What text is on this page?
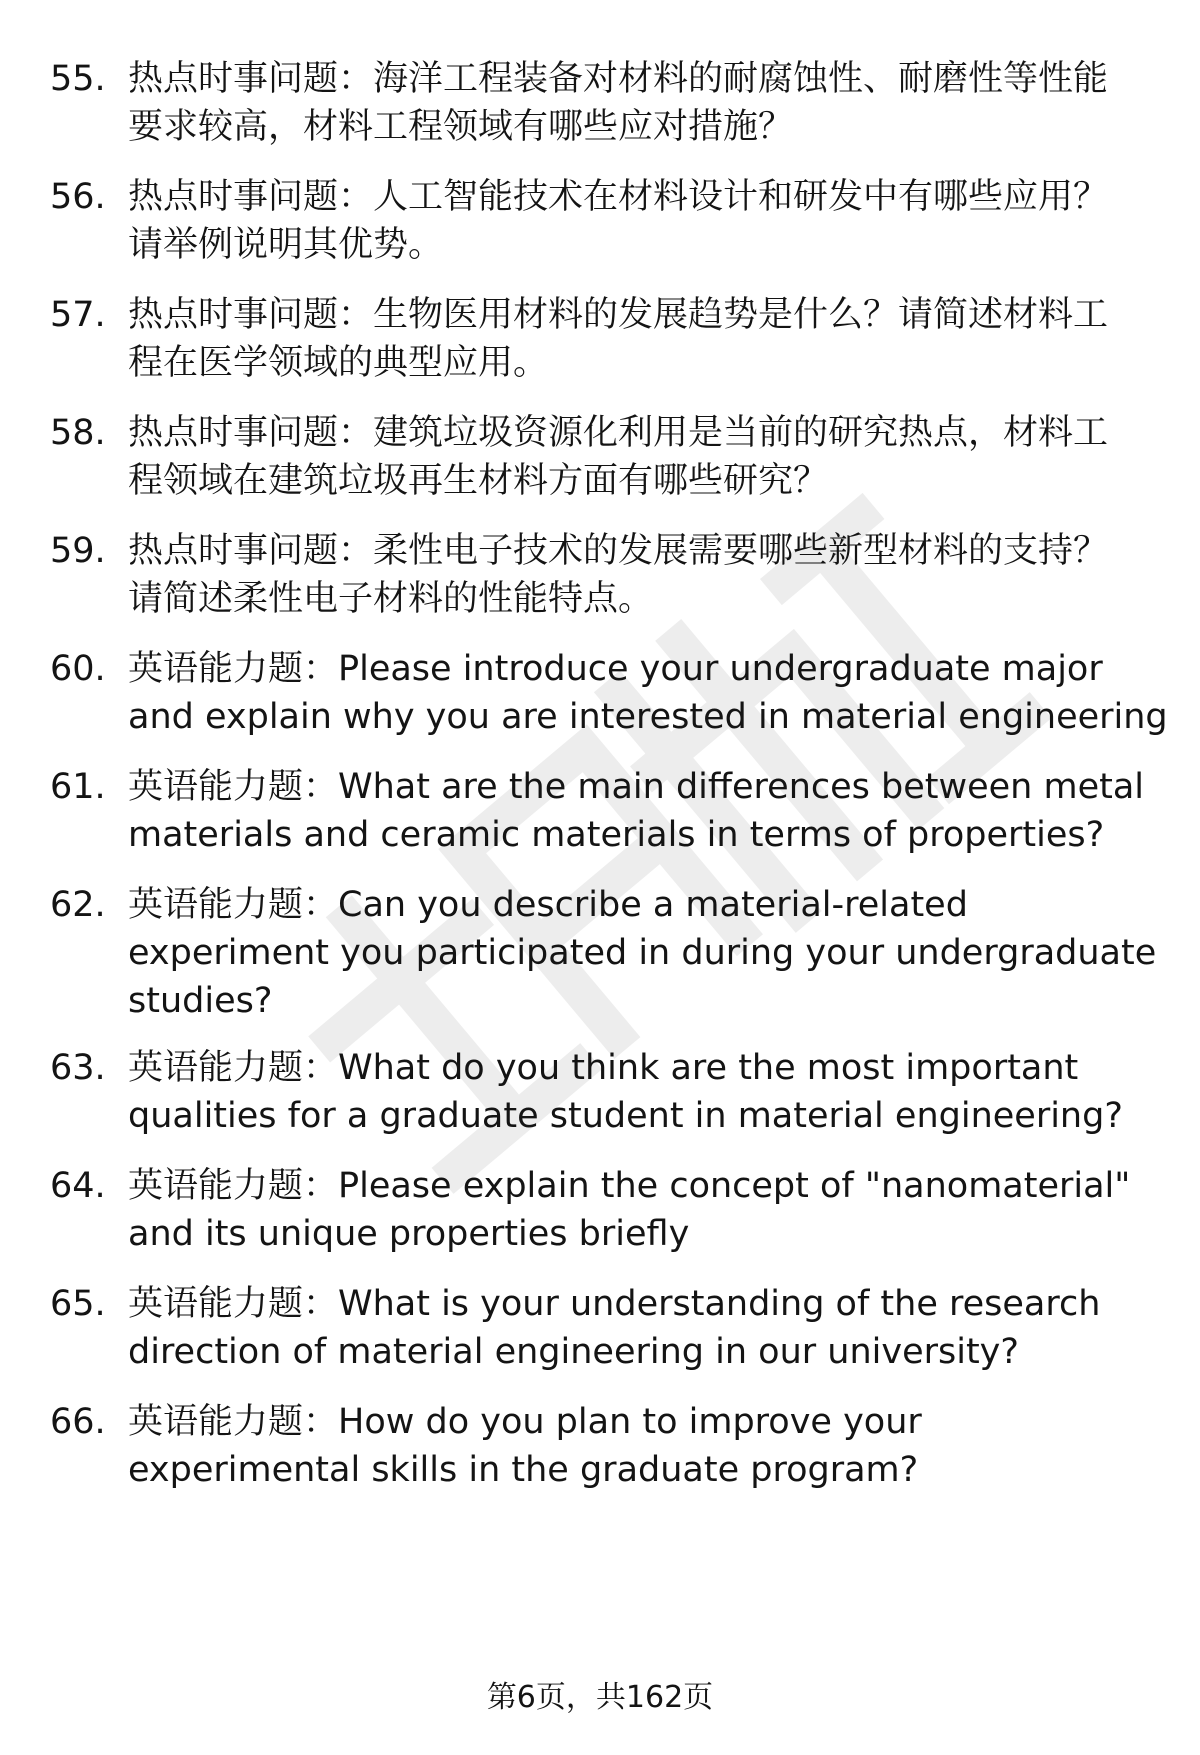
55. 热点时事问题：海洋工程装备对材料的耐腐蚀性、耐磨性等性能
要求较高，材料工程领域有哪些应对措施？
56. 热点时事问题：人工智能技术在材料设计和研发中有哪些应用？
请举例说明其优势。
57. 热点时事问题：生物医用材料的发展趋势是什么？请简述材料工
程在医学领域的典型应用。
58. 热点时事问题：建筑垃圾资源化利用是当前的研究热点，材料工
程领域在建筑垃圾再生材料方面有哪些研究？
59. 热点时事问题：柔性电子技术的发展需要哪些新型材料的支持？
请简述柔性电子材料的性能特点。
60. 英语能力题：Please introduce your undergraduate major
and explain why you are interested in material engineering
61. 英语能力题：What are the main differences between metal
materials and ceramic materials in terms of properties?
62. 英语能力题：Can you describe a material-related
experiment you participated in during your undergraduate
studies?
63. 英语能力题：What do you think are the most important
qualities for a graduate student in material engineering?
64. 英语能力题：Please explain the concept of "nanomaterial"
and its unique properties briefly
65. 英语能力题：What is your understanding of the research
direction of material engineering in our university?
66. 英语能力题：How do you plan to improve your
experimental skills in the graduate program?
第6页，共162页
